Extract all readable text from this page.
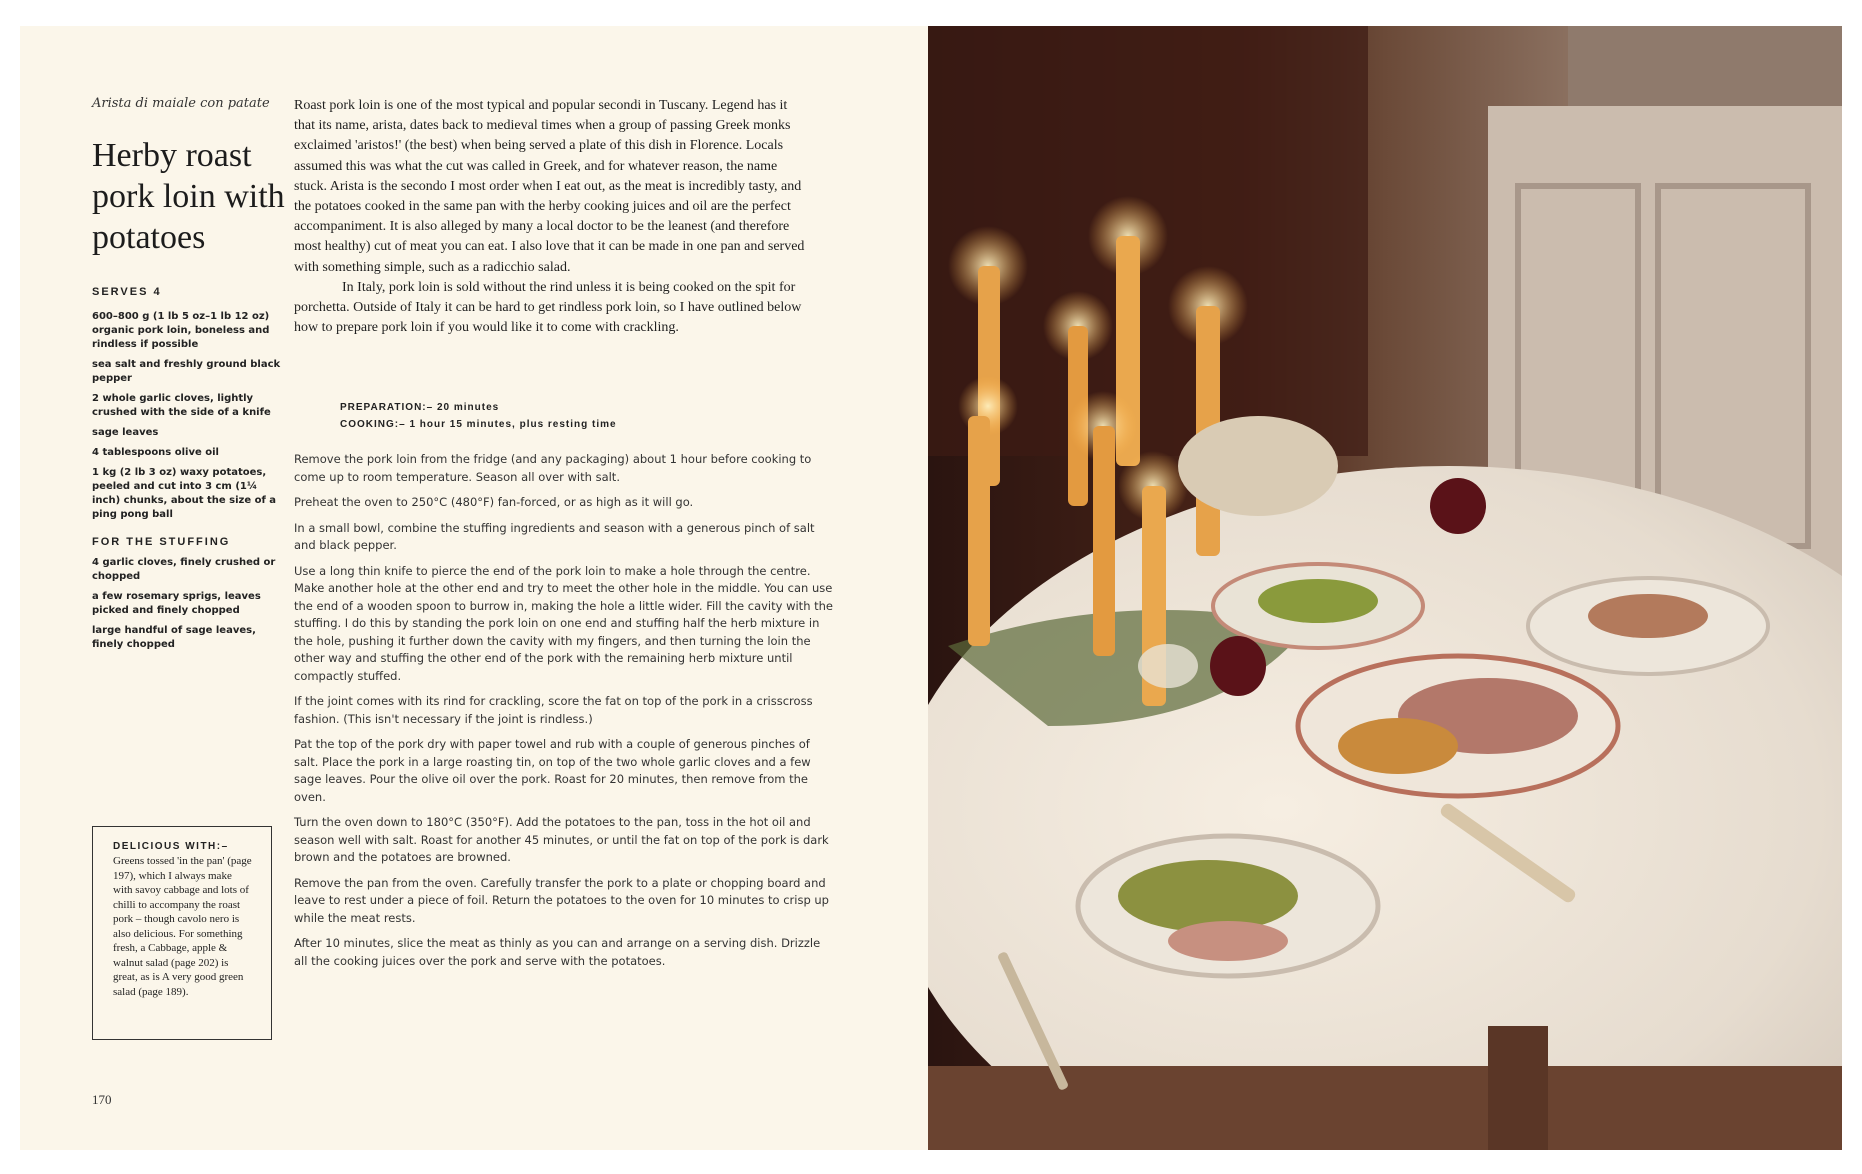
Arista di maiale con patate

Herby roast pork loin with potatoes

SERVES 4

600–800 g (1 lb 5 oz–1 lb 12 oz) organic pork loin, boneless and rindless if possible
sea salt and freshly ground black pepper
2 whole garlic cloves, lightly crushed with the side of a knife
sage leaves
4 tablespoons olive oil
1 kg (2 lb 3 oz) waxy potatoes, peeled and cut into 3 cm (1¼ inch) chunks, about the size of a ping pong ball

FOR THE STUFFING

4 garlic cloves, finely crushed or chopped
a few rosemary sprigs, leaves picked and finely chopped
large handful of sage leaves, finely chopped
DELICIOUS WITH:–
Greens tossed 'in the pan' (page 197), which I always make with savoy cabbage and lots of chilli to accompany the roast pork – though cavolo nero is also delicious. For something fresh, a Cabbage, apple & walnut salad (page 202) is great, as is A very good green salad (page 189).
170

Roast pork loin is one of the most typical and popular secondi in Tuscany. Legend has it that its name, arista, dates back to medieval times when a group of passing Greek monks exclaimed 'aristos!' (the best) when being served a plate of this dish in Florence. Locals assumed this was what the cut was called in Greek, and for whatever reason, the name stuck. Arista is the secondo I most order when I eat out, as the meat is incredibly tasty, and the potatoes cooked in the same pan with the herby cooking juices and oil are the perfect accompaniment. It is also alleged by many a local doctor to be the leanest (and therefore most healthy) cut of meat you can eat. I also love that it can be made in one pan and served with something simple, such as a radicchio salad.

In Italy, pork loin is sold without the rind unless it is being cooked on the spit for porchetta. Outside of Italy it can be hard to get rindless pork loin, so I have outlined below how to prepare pork loin if you would like it to come with crackling.

PREPARATION:– 20 minutes
COOKING:– 1 hour 15 minutes, plus resting time

Remove the pork loin from the fridge (and any packaging) about 1 hour before cooking to come up to room temperature. Season all over with salt.

Preheat the oven to 250°C (480°F) fan-forced, or as high as it will go.

In a small bowl, combine the stuffing ingredients and season with a generous pinch of salt and black pepper.

Use a long thin knife to pierce the end of the pork loin to make a hole through the centre. Make another hole at the other end and try to meet the other hole in the middle. You can use the end of a wooden spoon to burrow in, making the hole a little wider. Fill the cavity with the stuffing. I do this by standing the pork loin on one end and stuffing half the herb mixture in the hole, pushing it further down the cavity with my fingers, and then turning the loin the other way and stuffing the other end of the pork with the remaining herb mixture until compactly stuffed.

If the joint comes with its rind for crackling, score the fat on top of the pork in a crisscross fashion. (This isn't necessary if the joint is rindless.)

Pat the top of the pork dry with paper towel and rub with a couple of generous pinches of salt. Place the pork in a large roasting tin, on top of the two whole garlic cloves and a few sage leaves. Pour the olive oil over the pork. Roast for 20 minutes, then remove from the oven.

Turn the oven down to 180°C (350°F). Add the potatoes to the pan, toss in the hot oil and season well with salt. Roast for another 45 minutes, or until the fat on top of the pork is dark brown and the potatoes are browned.

Remove the pan from the oven. Carefully transfer the pork to a plate or chopping board and leave to rest under a piece of foil. Return the potatoes to the oven for 10 minutes to crisp up while the meat rests.

After 10 minutes, slice the meat as thinly as you can and arrange on a serving dish. Drizzle all the cooking juices over the pork and serve with the potatoes.
